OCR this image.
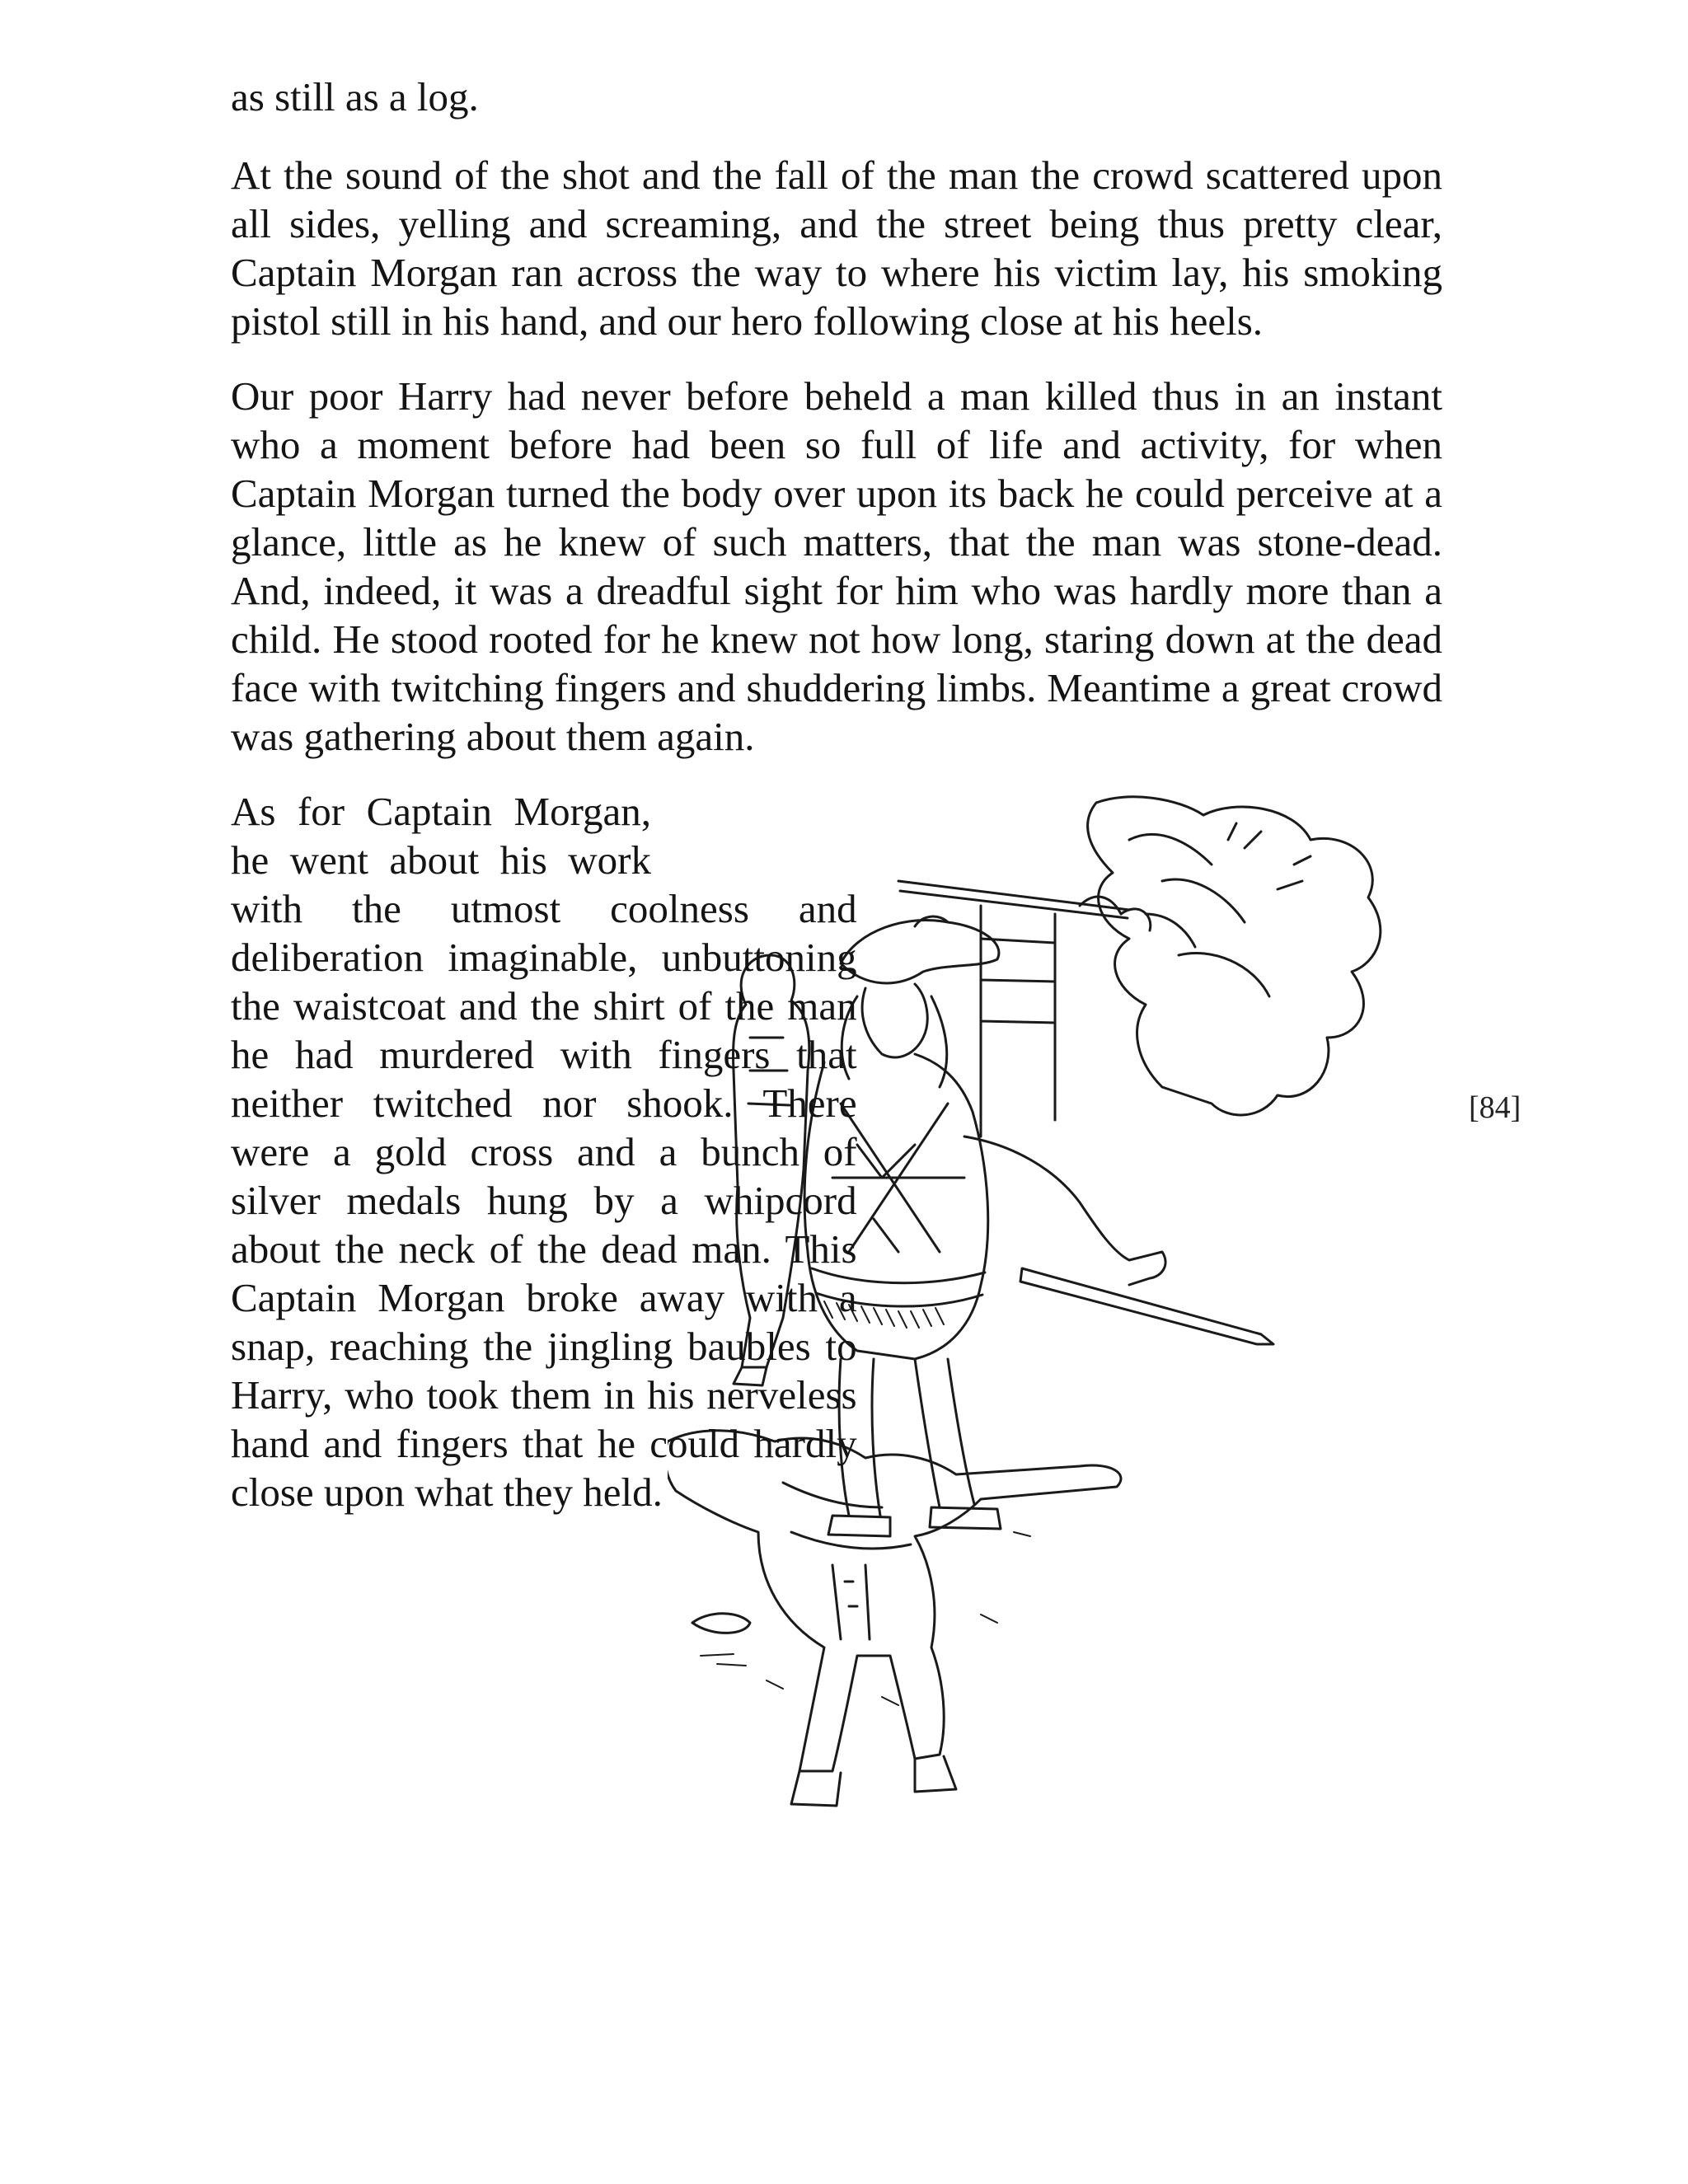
as still as a log.

At the sound of the shot and the fall of the man the crowd scattered upon all sides, yelling and screaming, and the street being thus pretty clear, Captain Morgan ran across the way to where his victim lay, his smoking pistol still in his hand, and our hero following close at his heels.

Our poor Harry had never before beheld a man killed thus in an instant who a moment before had been so full of life and activity, for when Captain Morgan turned the body over upon its back he could perceive at a glance, little as he knew of such matters, that the man was stone-dead. And, indeed, it was a dreadful sight for him who was hardly more than a child. He stood rooted for he knew not how long, staring down at the dead face with twitching fingers and shuddering limbs. Meantime a great crowd was gathering about them again.

As for Captain Morgan, he went about his work with the utmost coolness and deliberation imaginable, unbuttoning the waistcoat and the shirt of the man he had murdered with fingers that neither twitched nor shook. There were a gold cross and a bunch of silver medals hung by a whipcord about the neck of the dead man. This Captain Morgan broke away with a snap, reaching the jingling baubles to Harry, who took them in his nerveless hand and fingers that he could hardly close upon what they held.

[84]
